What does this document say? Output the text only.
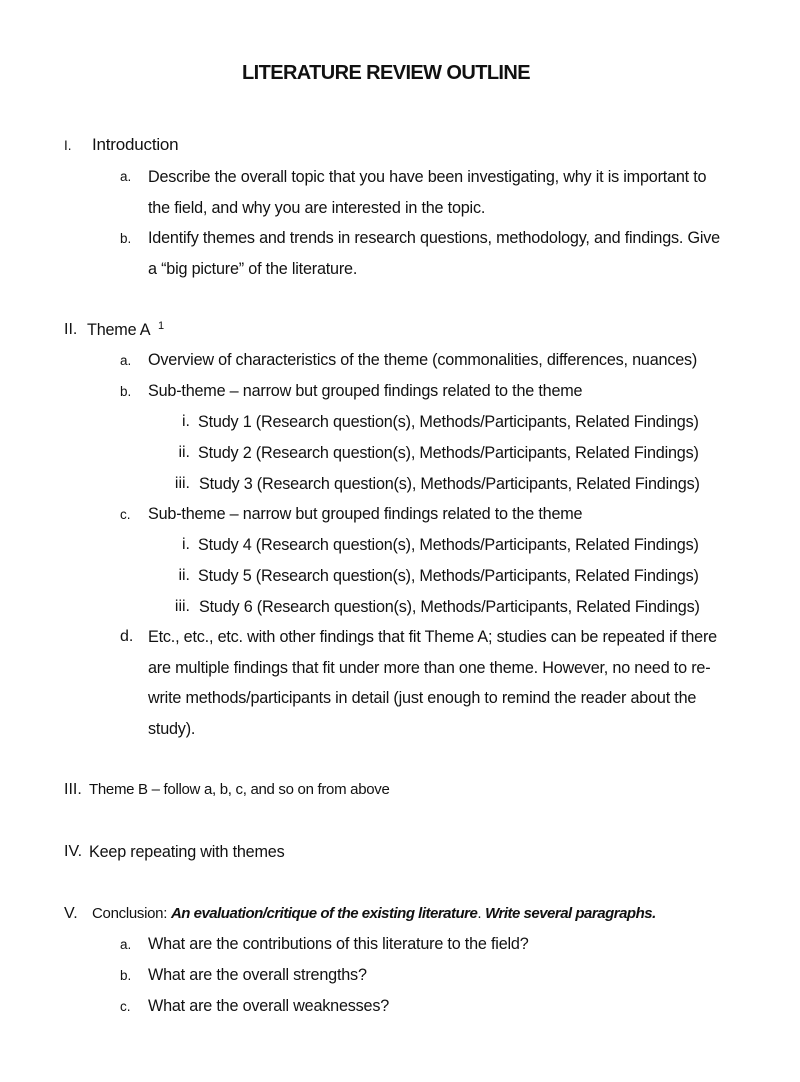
LITERATURE REVIEW OUTLINE
I. Introduction
a. Describe the overall topic that you have been investigating, why it is important to
the field, and why you are interested in the topic.
b. Identify themes and trends in research questions, methodology, and findings. Give
a “big picture” of the literature.
II. Theme A 1
a. Overview of characteristics of the theme (commonalities, differences, nuances)
b. Sub-theme – narrow but grouped findings related to the theme
i. Study 1 (Research question(s), Methods/Participants, Related Findings)
ii. Study 2 (Research question(s), Methods/Participants, Related Findings)
iii. Study 3 (Research question(s), Methods/Participants, Related Findings)
c. Sub-theme – narrow but grouped findings related to the theme
i. Study 4 (Research question(s), Methods/Participants, Related Findings)
ii. Study 5 (Research question(s), Methods/Participants, Related Findings)
iii. Study 6 (Research question(s), Methods/Participants, Related Findings)
d. Etc., etc., etc. with other findings that fit Theme A; studies can be repeated if there
are multiple findings that fit under more than one theme. However, no need to re-
write methods/participants in detail (just enough to remind the reader about the
study).
III. Theme B – follow a, b, c, and so on from above
IV. Keep repeating with themes
V. Conclusion: An evaluation/critique of the existing literature. Write several paragraphs.
a. What are the contributions of this literature to the field?
b. What are the overall strengths?
c. What are the overall weaknesses?
